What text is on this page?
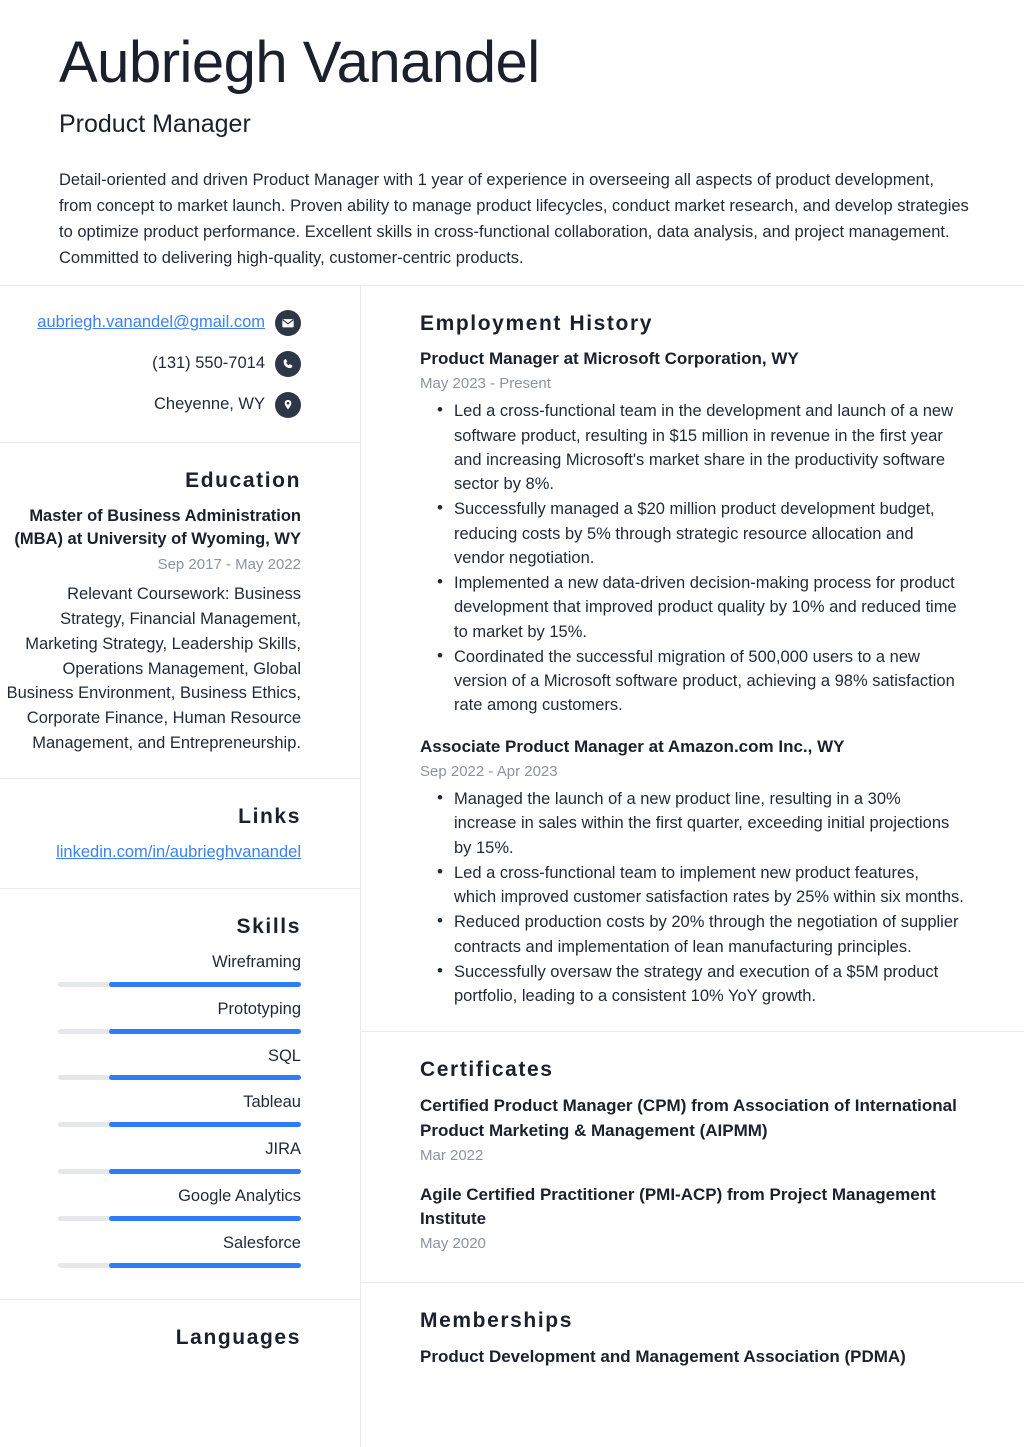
Aubriegh Vanandel
Product Manager

Detail-oriented and driven Product Manager with 1 year of experience in overseeing all aspects of product development, from concept to market launch. Proven ability to manage product lifecycles, conduct market research, and develop strategies to optimize product performance. Excellent skills in cross-functional collaboration, data analysis, and project management. Committed to delivering high-quality, customer-centric products.

aubriegh.vanandel@gmail.com
(131) 550-7014
Cheyenne, WY
Education
Master of Business Administration (MBA) at University of Wyoming, WY
Sep 2017 - May 2022
Relevant Coursework: Business Strategy, Financial Management, Marketing Strategy, Leadership Skills, Operations Management, Global Business Environment, Business Ethics, Corporate Finance, Human Resource Management, and Entrepreneurship.
Links
linkedin.com/in/aubrieghvanandel
Skills
Wireframing
Prototyping
SQL
Tableau
JIRA
Google Analytics
Salesforce
Languages
Employment History
Product Manager at Microsoft Corporation, WY
May 2023 - Present
• Led a cross-functional team in the development and launch of a new software product, resulting in $15 million in revenue in the first year and increasing Microsoft's market share in the productivity software sector by 8%.
• Successfully managed a $20 million product development budget, reducing costs by 5% through strategic resource allocation and vendor negotiation.
• Implemented a new data-driven decision-making process for product development that improved product quality by 10% and reduced time to market by 15%.
• Coordinated the successful migration of 500,000 users to a new version of a Microsoft software product, achieving a 98% satisfaction rate among customers.
Associate Product Manager at Amazon.com Inc., WY
Sep 2022 - Apr 2023
• Managed the launch of a new product line, resulting in a 30% increase in sales within the first quarter, exceeding initial projections by 15%.
• Led a cross-functional team to implement new product features, which improved customer satisfaction rates by 25% within six months.
• Reduced production costs by 20% through the negotiation of supplier contracts and implementation of lean manufacturing principles.
• Successfully oversaw the strategy and execution of a $5M product portfolio, leading to a consistent 10% YoY growth.
Certificates
Certified Product Manager (CPM) from Association of International Product Marketing & Management (AIPMM)
Mar 2022
Agile Certified Practitioner (PMI-ACP) from Project Management Institute
May 2020
Memberships
Product Development and Management Association (PDMA)
